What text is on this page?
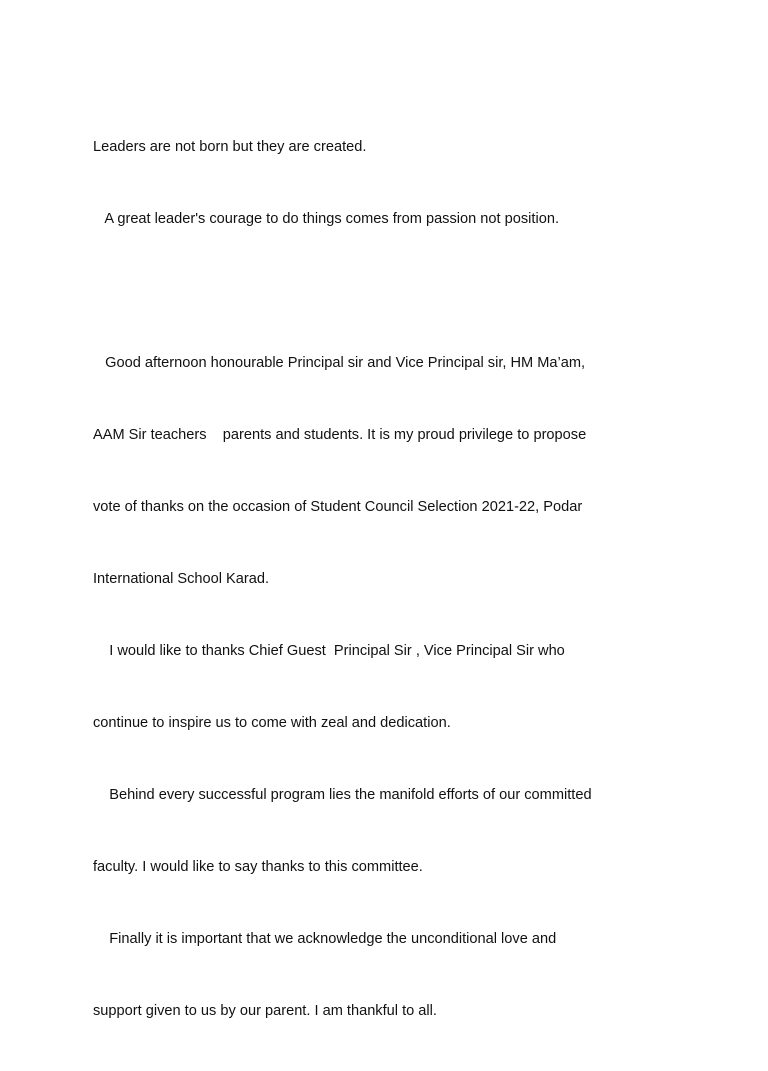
Leaders are not born but they are created.

A great leader's courage to do things comes from passion not position.

Good afternoon honourable Principal sir and Vice Principal sir, HM Ma’am,

AAM Sir teachers    parents and students. It is my proud privilege to propose

vote of thanks on the occasion of Student Council Selection 2021-22, Podar

International School Karad.

I would like to thanks Chief Guest  Principal Sir , Vice Principal Sir who

continue to inspire us to come with zeal and dedication.

Behind every successful program lies the manifold efforts of our committed

faculty. I would like to say thanks to this committee.

Finally it is important that we acknowledge the unconditional love and

support given to us by our parent. I am thankful to all.
